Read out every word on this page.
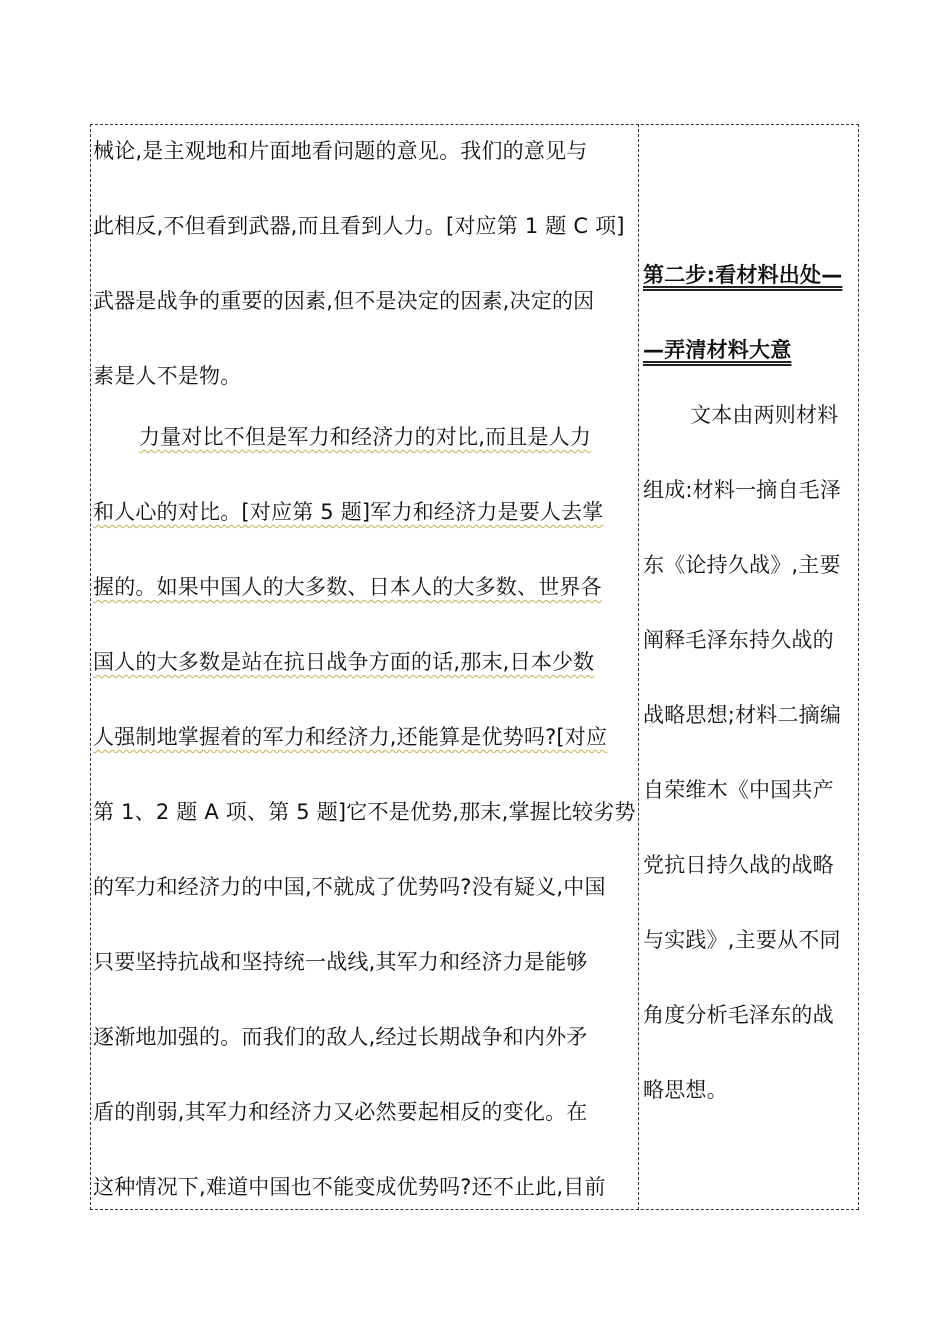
械论,是主观地和片面地看问题的意见。我们的意见与
此相反,不但看到武器,而且看到人力。[对应第 1 题 C 项]
武器是战争的重要的因素,但不是决定的因素,决定的因
素是人不是物。
力量对比不但是军力和经济力的对比,而且是人力
和人心的对比。[对应第 5 题]军力和经济力是要人去掌
握的。如果中国人的大多数、日本人的大多数、世界各
国人的大多数是站在抗日战争方面的话,那末,日本少数
人强制地掌握着的军力和经济力,还能算是优势吗?[对应
第 1、2 题 A 项、第 5 题]它不是优势,那末,掌握比较劣势
的军力和经济力的中国,不就成了优势吗?没有疑义,中国
只要坚持抗战和坚持统一战线,其军力和经济力是能够
逐渐地加强的。而我们的敌人,经过长期战争和内外矛
盾的削弱,其军力和经济力又必然要起相反的变化。在
这种情况下,难道中国也不能变成优势吗?还不止此,目前
第二步:看材料出处—
—弄清材料大意
文本由两则材料
组成:材料一摘自毛泽
东《论持久战》,主要
阐释毛泽东持久战的
战略思想;材料二摘编
自荣维木《中国共产
党抗日持久战的战略
与实践》,主要从不同
角度分析毛泽东的战
略思想。
